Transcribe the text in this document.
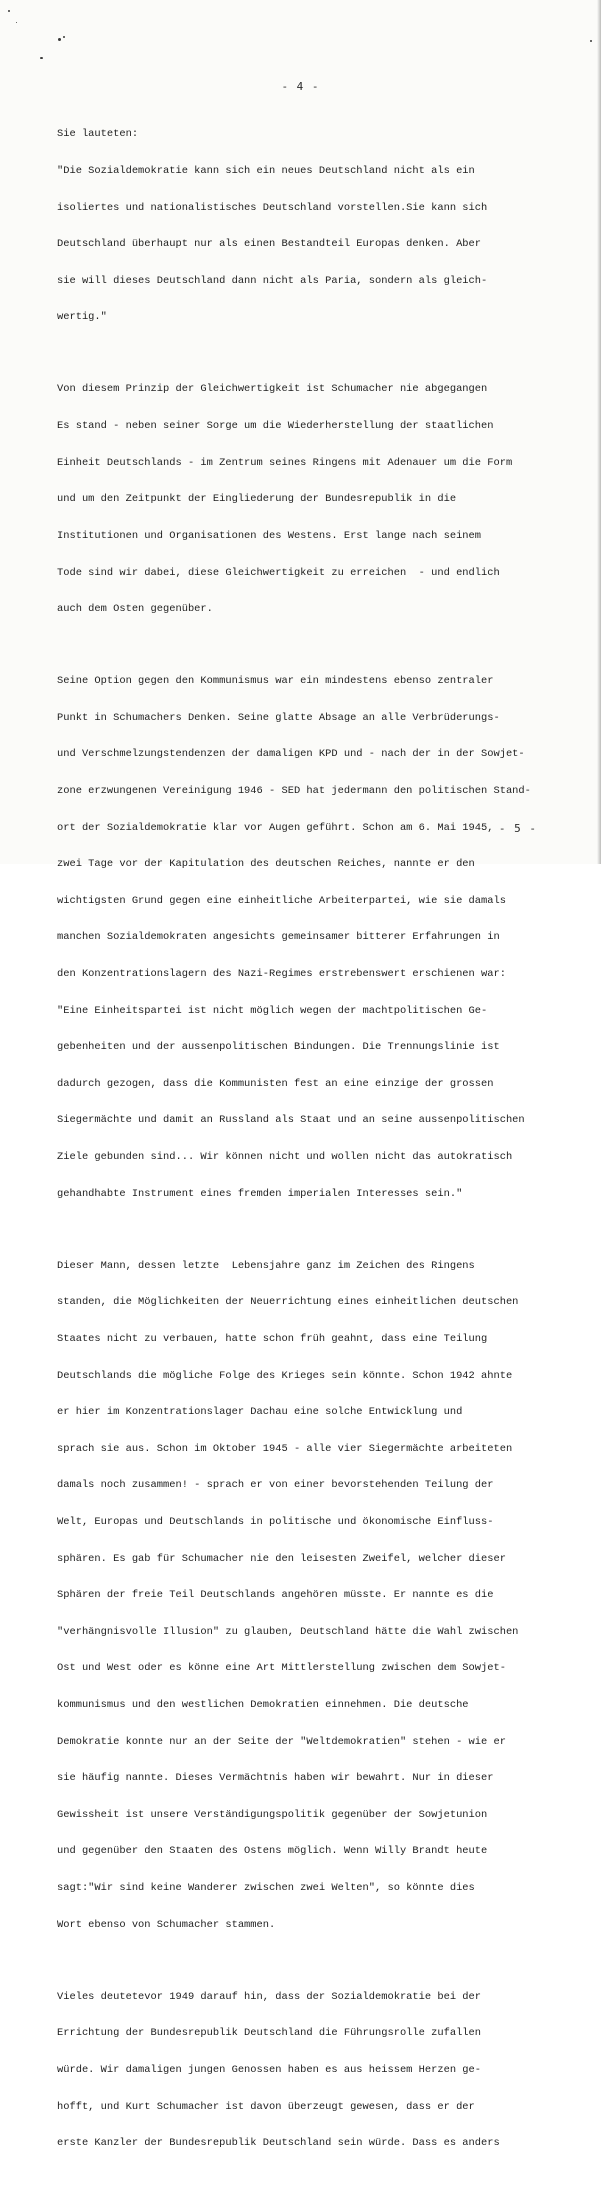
- 4 -

Sie lauteten:

"Die Sozialdemokratie kann sich ein neues Deutschland nicht als ein

isoliertes und nationalistisches Deutschland vorstellen.Sie kann sich

Deutschland überhaupt nur als einen Bestandteil Europas denken. Aber

sie will dieses Deutschland dann nicht als Paria, sondern als gleich-

wertig."

Von diesem Prinzip der Gleichwertigkeit ist Schumacher nie abgegangen

Es stand - neben seiner Sorge um die Wiederherstellung der staatlichen

Einheit Deutschlands - im Zentrum seines Ringens mit Adenauer um die Form

und um den Zeitpunkt der Eingliederung der Bundesrepublik in die

Institutionen und Organisationen des Westens. Erst lange nach seinem

Tode sind wir dabei, diese Gleichwertigkeit zu erreichen  - und endlich

auch dem Osten gegenüber.

Seine Option gegen den Kommunismus war ein mindestens ebenso zentraler

Punkt in Schumachers Denken. Seine glatte Absage an alle Verbrüderungs-

und Verschmelzungstendenzen der damaligen KPD und - nach der in der Sowjet-

zone erzwungenen Vereinigung 1946 - SED hat jedermann den politischen Stand-

ort der Sozialdemokratie klar vor Augen geführt. Schon am 6. Mai 1945,

zwei Tage vor der Kapitulation des deutschen Reiches, nannte er den

wichtigsten Grund gegen eine einheitliche Arbeiterpartei, wie sie damals

manchen Sozialdemokraten angesichts gemeinsamer bitterer Erfahrungen in

den Konzentrationslagern des Nazi-Regimes erstrebenswert erschienen war:

"Eine Einheitspartei ist nicht möglich wegen der machtpolitischen Ge-

gebenheiten und der aussenpolitischen Bindungen. Die Trennungslinie ist

dadurch gezogen, dass die Kommunisten fest an eine einzige der grossen

Siegermächte und damit an Russland als Staat und an seine aussenpolitischen

Ziele gebunden sind... Wir können nicht und wollen nicht das autokratisch

gehandhabte Instrument eines fremden imperialen Interesses sein."

Dieser Mann, dessen letzte  Lebensjahre ganz im Zeichen des Ringens

standen, die Möglichkeiten der Neuerrichtung eines einheitlichen deutschen

Staates nicht zu verbauen, hatte schon früh geahnt, dass eine Teilung

Deutschlands die mögliche Folge des Krieges sein könnte. Schon 1942 ahnte

er hier im Konzentrationslager Dachau eine solche Entwicklung und

sprach sie aus. Schon im Oktober 1945 - alle vier Siegermächte arbeiteten

damals noch zusammen! - sprach er von einer bevorstehenden Teilung der

Welt, Europas und Deutschlands in politische und ökonomische Einfluss-

sphären. Es gab für Schumacher nie den leisesten Zweifel, welcher dieser

Sphären der freie Teil Deutschlands angehören müsste. Er nannte es die

"verhängnisvolle Illusion" zu glauben, Deutschland hätte die Wahl zwischen

Ost und West oder es könne eine Art Mittlerstellung zwischen dem Sowjet-

kommunismus und den westlichen Demokratien einnehmen. Die deutsche

Demokratie konnte nur an der Seite der "Weltdemokratien" stehen - wie er

sie häufig nannte. Dieses Vermächtnis haben wir bewahrt. Nur in dieser

Gewissheit ist unsere Verständigungspolitik gegenüber der Sowjetunion

und gegenüber den Staaten des Ostens möglich. Wenn Willy Brandt heute

sagt:"Wir sind keine Wanderer zwischen zwei Welten", so könnte dies

Wort ebenso von Schumacher stammen.

Vieles deutetevor 1949 darauf hin, dass der Sozialdemokratie bei der

Errichtung der Bundesrepublik Deutschland die Führungsrolle zufallen

würde. Wir damaligen jungen Genossen haben es aus heissem Herzen ge-

hofft, und Kurt Schumacher ist davon überzeugt gewesen, dass er der

erste Kanzler der Bundesrepublik Deutschland sein würde. Dass es anders

- 5 -
